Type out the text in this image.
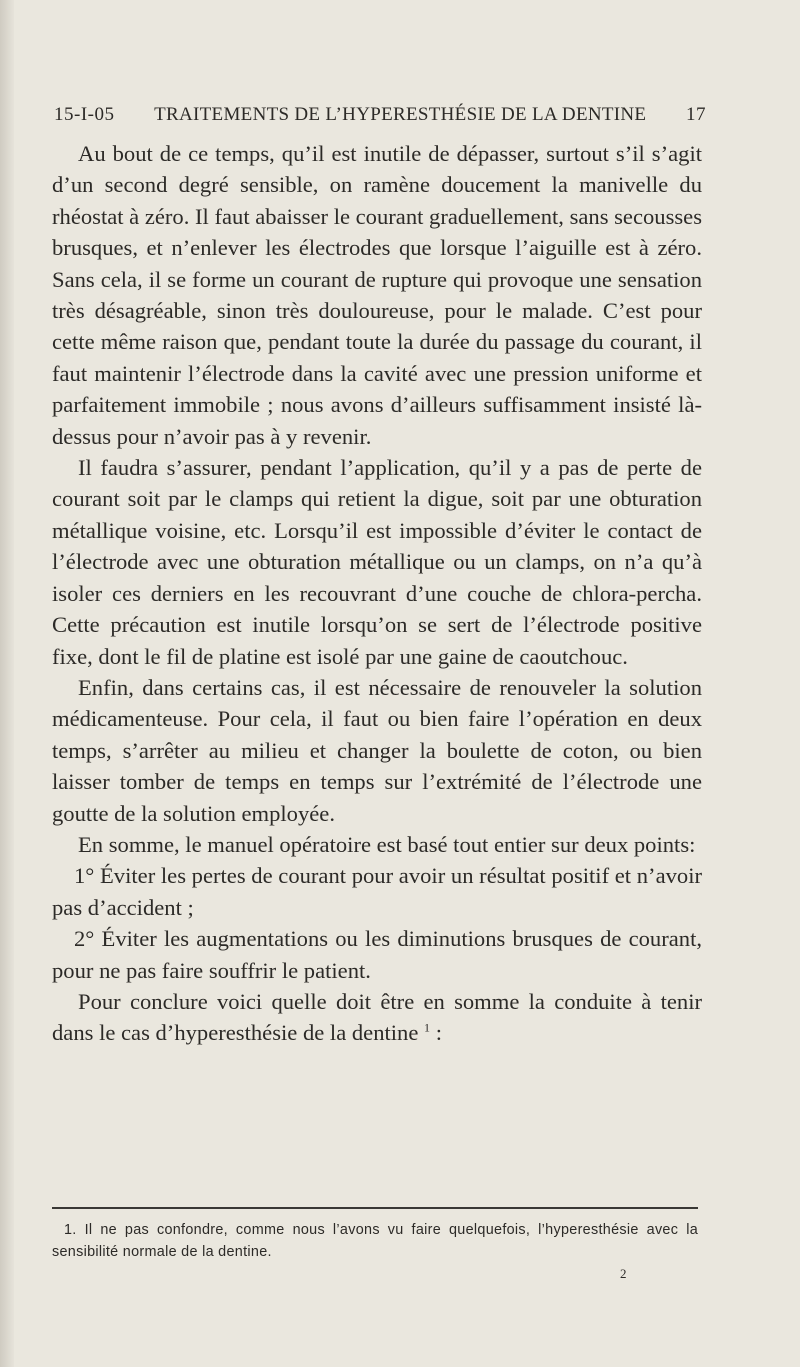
15-I-05 TRAITEMENTS DE L’HYPERESTHÉSIE DE LA DENTINE 17

Au bout de ce temps, qu’il est inutile de dépasser, surtout s’il s’agit d’un second degré sensible, on ramène doucement la manivelle du rhéostat à zéro. Il faut abaisser le courant graduellement, sans secousses brusques, et n’enlever les électrodes que lorsque l’aiguille est à zéro. Sans cela, il se forme un courant de rupture qui provoque une sensation très désagréable, sinon très douloureuse, pour le malade. C’est pour cette même raison que, pendant toute la durée du passage du courant, il faut maintenir l’électrode dans la cavité avec une pression uniforme et parfaitement immobile ; nous avons d’ailleurs suffisamment insisté là-dessus pour n’avoir pas à y revenir.

Il faudra s’assurer, pendant l’application, qu’il y a pas de perte de courant soit par le clamps qui retient la digue, soit par une obturation métallique voisine, etc. Lorsqu’il est impossible d’éviter le contact de l’électrode avec une obturation métallique ou un clamps, on n’a qu’à isoler ces derniers en les recouvrant d’une couche de chlora-percha. Cette précaution est inutile lorsqu’on se sert de l’électrode positive fixe, dont le fil de platine est isolé par une gaine de caoutchouc.

Enfin, dans certains cas, il est nécessaire de renouveler la solution médicamenteuse. Pour cela, il faut ou bien faire l’opération en deux temps, s’arrêter au milieu et changer la boulette de coton, ou bien laisser tomber de temps en temps sur l’extrémité de l’électrode une goutte de la solution employée.

En somme, le manuel opératoire est basé tout entier sur deux points:

1° Éviter les pertes de courant pour avoir un résultat positif et n’avoir pas d’accident ;

2° Éviter les augmentations ou les diminutions brusques de courant, pour ne pas faire souffrir le patient.

Pour conclure voici quelle doit être en somme la conduite à tenir dans le cas d’hyperesthésie de la dentine $^1$ :

1. Il ne pas confondre, comme nous l’avons vu faire quelquefois, l’hyperesthésie avec la sensibilité normale de la dentine.

2
